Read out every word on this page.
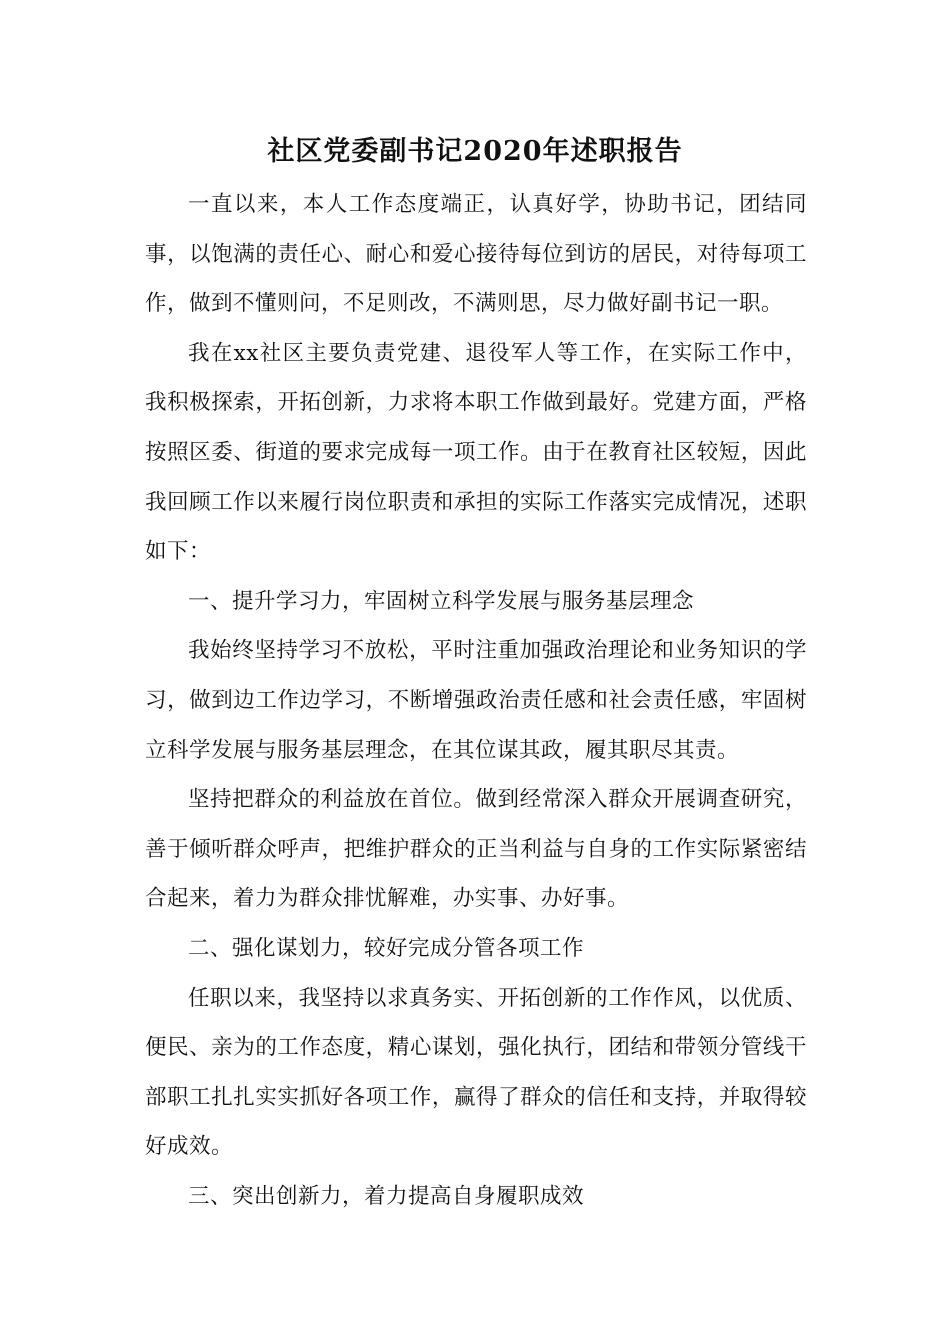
社区党委副书记2020年述职报告

一直以来，本人工作态度端正，认真好学，协助书记，团结同事，以饱满的责任心、耐心和爱心接待每位到访的居民，对待每项工作，做到不懂则问，不足则改，不满则思，尽力做好副书记一职。

我在xx社区主要负责党建、退役军人等工作，在实际工作中，我积极探索，开拓创新，力求将本职工作做到最好。党建方面，严格按照区委、街道的要求完成每一项工作。由于在教育社区较短，因此我回顾工作以来履行岗位职责和承担的实际工作落实完成情况，述职如下：

一、提升学习力，牢固树立科学发展与服务基层理念

我始终坚持学习不放松，平时注重加强政治理论和业务知识的学习，做到边工作边学习，不断增强政治责任感和社会责任感，牢固树立科学发展与服务基层理念，在其位谋其政，履其职尽其责。

坚持把群众的利益放在首位。做到经常深入群众开展调查研究，善于倾听群众呼声，把维护群众的正当利益与自身的工作实际紧密结合起来，着力为群众排忧解难，办实事、办好事。

二、强化谋划力，较好完成分管各项工作

任职以来，我坚持以求真务实、开拓创新的工作作风，以优质、便民、亲为的工作态度，精心谋划，强化执行，团结和带领分管线干部职工扎扎实实抓好各项工作，赢得了群众的信任和支持，并取得较好成效。

三、突出创新力，着力提高自身履职成效
